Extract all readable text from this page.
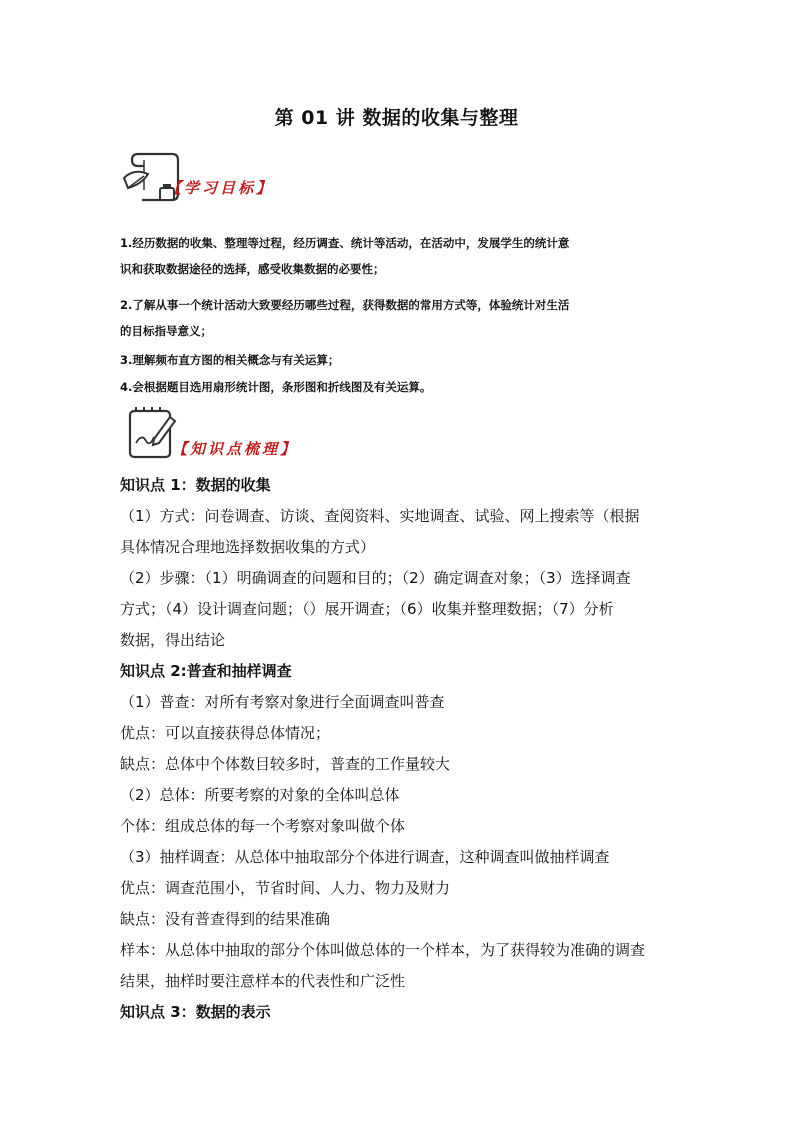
第 01 讲 数据的收集与整理
【学习目标】

1.经历数据的收集、整理等过程，经历调查、统计等活动，在活动中，发展学生的统计意

识和获取数据途径的选择，感受收集数据的必要性；

2.了解从事一个统计活动大致要经历哪些过程，获得数据的常用方式等，体验统计对生活

的目标指导意义；

3.理解频布直方图的相关概念与有关运算；

4.会根据题目选用扇形统计图，条形图和折线图及有关运算。

【知识点梳理】
知识点 1：数据的收集
（1）方式：问卷调查、访谈、查阅资料、实地调查、试验、网上搜索等（根据
具体情况合理地选择数据收集的方式）
（2）步骤：（1）明确调查的问题和目的；（2）确定调查对象；（3）选择调查
方式；（4）设计调查问题；（）展开调查；（6）收集并整理数据；（7）分析
数据，得出结论
知识点 2:普查和抽样调查
（1）普查：对所有考察对象进行全面调查叫普查
优点：可以直接获得总体情况；
缺点：总体中个体数目较多时，普查的工作量较大
（2）总体：所要考察的对象的全体叫总体
个体：组成总体的每一个考察对象叫做个体
（3）抽样调查：从总体中抽取部分个体进行调查，这种调查叫做抽样调查
优点：调查范围小，节省时间、人力、物力及财力
缺点：没有普查得到的结果准确
样本：从总体中抽取的部分个体叫做总体的一个样本，为了获得较为准确的调查
结果，抽样时要注意样本的代表性和广泛性
知识点 3：数据的表示
